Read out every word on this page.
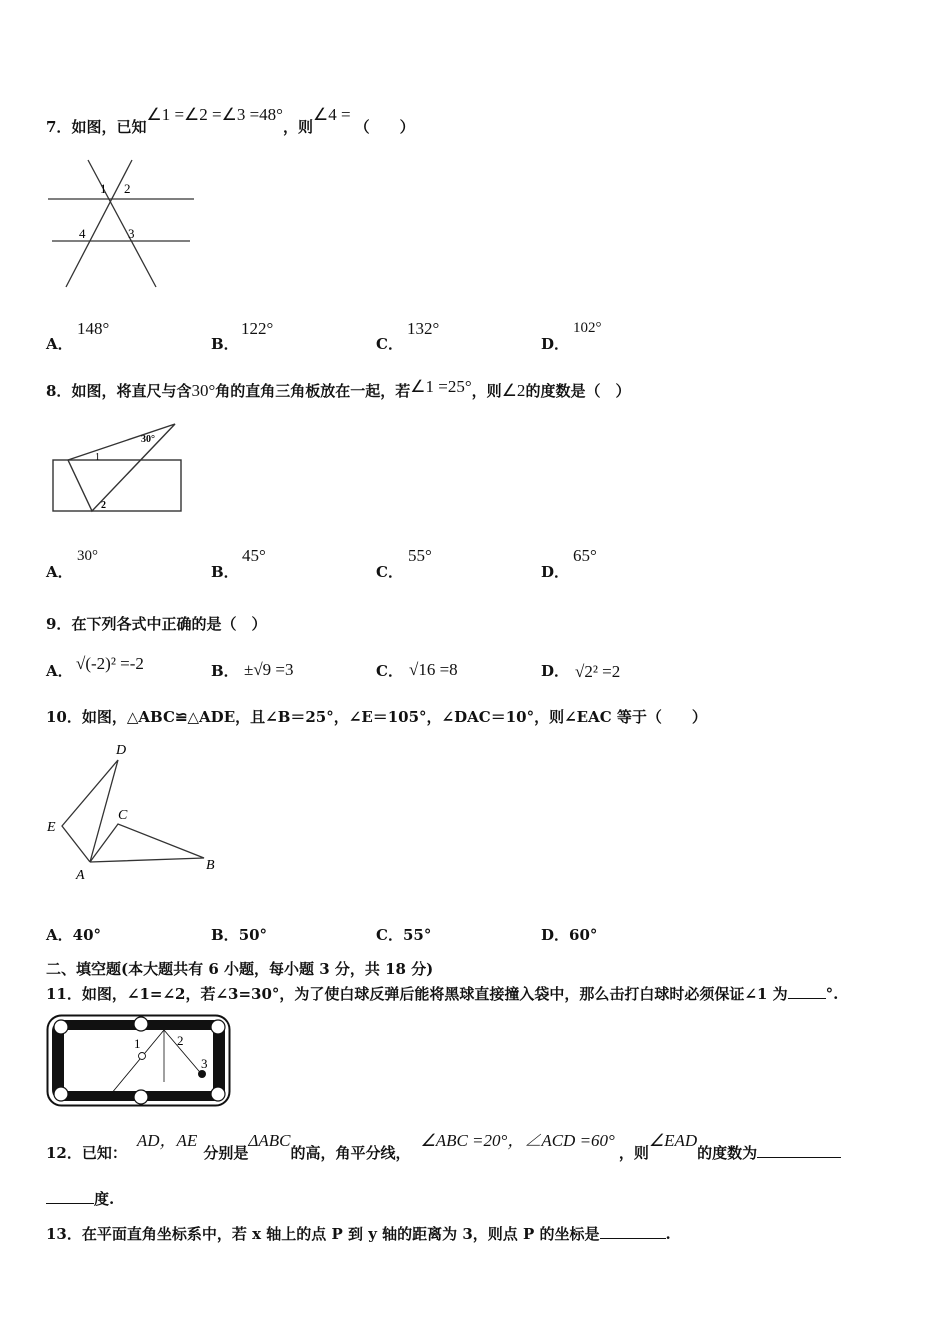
7．如图，已知∠1 =∠2 =∠3 =48°，则∠4 =（　　）
1 2
3
4
A．
148°
B．
122°
C．
132°
D．
102°
8．如图，将直尺与含30°角的直角三角板放在一起，若∠1 =25°，则∠2的度数是（　）
30°
1
2
A．
30°
B．
45°
C．
55°
D．
65°
9．在下列各式中正确的是（　）
A． √(-2)² =-2	B． ±√9 =3	C． √16 =8	D． √2² =2
10．如图，△ABC≌△ADE，且∠B＝25°，∠E＝105°，∠DAC＝10°，则∠EAC 等于（　　）
D
E
C
A
B
A．40°	B．50°	C．55°	D．60°
二、填空题(本大题共有 6 小题，每小题 3 分，共 18 分)
11．如图，∠1=∠2，若∠3=30°，为了使白球反弹后能将黑球直接撞入袋中，那么击打白球时必须保证∠1 为	°.
1	2
3
12．已知：AD，AE分别是ΔABC的高，角平分线，∠ABC =20°，∠ACD =60°，则∠EAD的度数为
度.
13．在平面直角坐标系中，若 x 轴上的点 P 到 y 轴的距离为 3，则点 P 的坐标是	.
